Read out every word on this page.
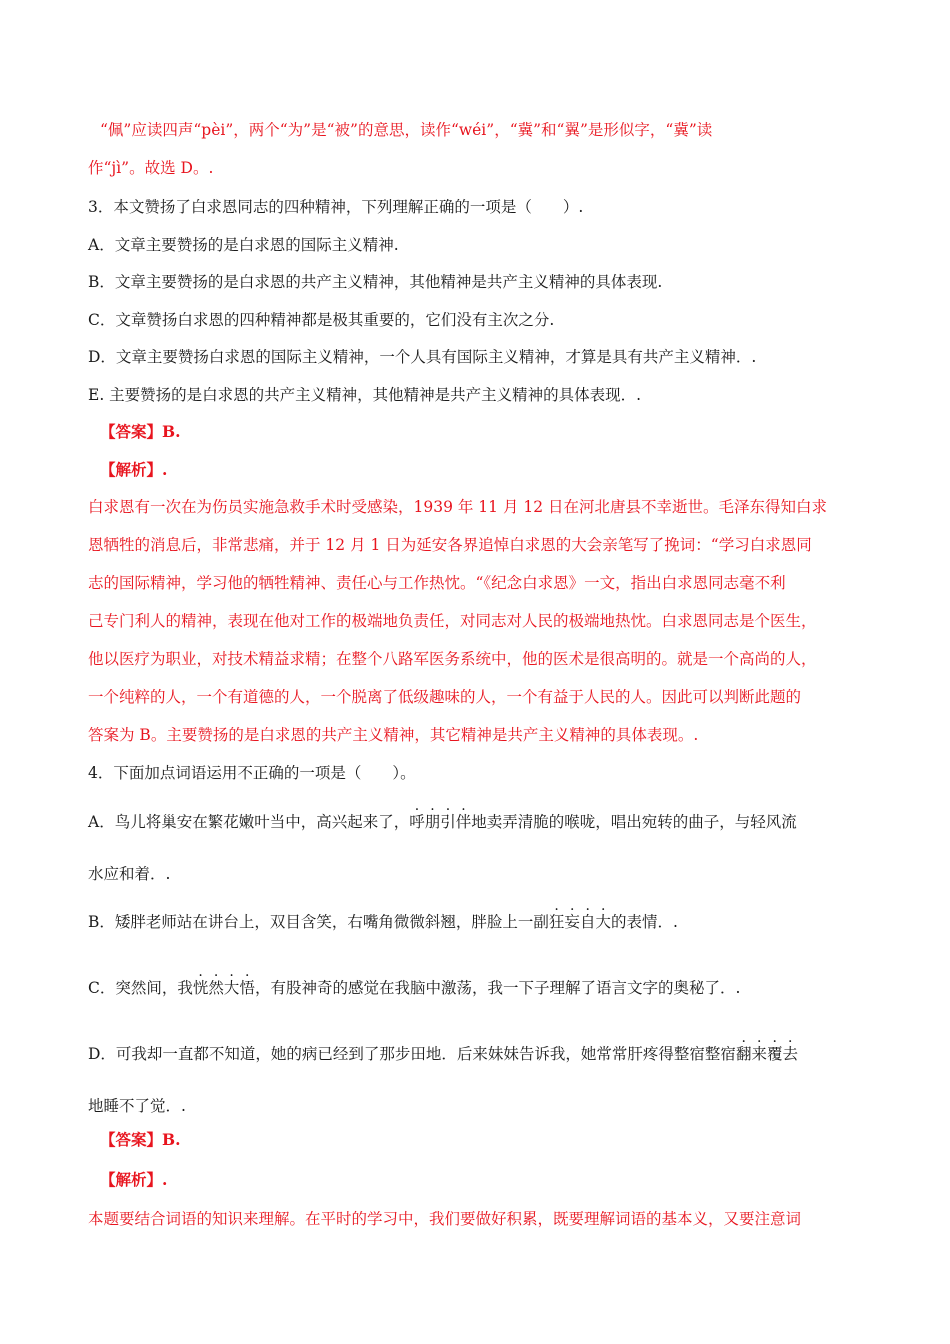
“佩”应读四声“pèi”，两个“为”是“被”的意思，读作“wéi”，“冀”和“翼”是形似字，“冀”读
作“jì”。故选 D。.
3．本文赞扬了白求恩同志的四种精神，下列理解正确的一项是（　　）.
A．文章主要赞扬的是白求恩的国际主义精神.
B．文章主要赞扬的是白求恩的共产主义精神，其他精神是共产主义精神的具体表现.
C．文章赞扬白求恩的四种精神都是极其重要的，它们没有主次之分.
D．文章主要赞扬白求恩的国际主义精神，一个人具有国际主义精神，才算是具有共产主义精神．.
E. 主要赞扬的是白求恩的共产主义精神，其他精神是共产主义精神的具体表现．.
【答案】B.
【解析】.
白求恩有一次在为伤员实施急救手术时受感染，1939 年 11 月 12 日在河北唐县不幸逝世。毛泽东得知白求
恩牺牲的消息后，非常悲痛，并于 12 月 1 日为延安各界追悼白求恩的大会亲笔写了挽词：“学习白求恩同
志的国际精神，学习他的牺牲精神、责任心与工作热忱。“《纪念白求恩》一文，指出白求恩同志毫不利
己专门利人的精神，表现在他对工作的极端地负责任，对同志对人民的极端地热忱。白求恩同志是个医生，
他以医疗为职业，对技术精益求精；在整个八路军医务系统中，他的医术是很高明的。就是一个高尚的人，
一个纯粹的人，一个有道德的人，一个脱离了低级趣味的人，一个有益于人民的人。因此可以判断此题的
答案为 B。主要赞扬的是白求恩的共产主义精神，其它精神是共产主义精神的具体表现。.
4．下面加点词语运用不正确的一项是（　　）。
A．鸟儿将巢安在繁花嫩叶当中，高兴起来了，呼朋引伴地卖弄清脆的喉咙，唱出宛转的曲子，与轻风流
水应和着．.
B．矮胖老师站在讲台上，双目含笑，右嘴角微微斜翘，胖脸上一副狂妄自大的表情．.
C．突然间，我恍然大悟，有股神奇的感觉在我脑中激荡，我一下子理解了语言文字的奥秘了．.
D．可我却一直都不知道，她的病已经到了那步田地．后来妹妹告诉我，她常常肝疼得整宿整宿翻来覆去
地睡不了觉．.
【答案】B.
【解析】.
本题要结合词语的知识来理解。在平时的学习中，我们要做好积累，既要理解词语的基本义，又要注意词
